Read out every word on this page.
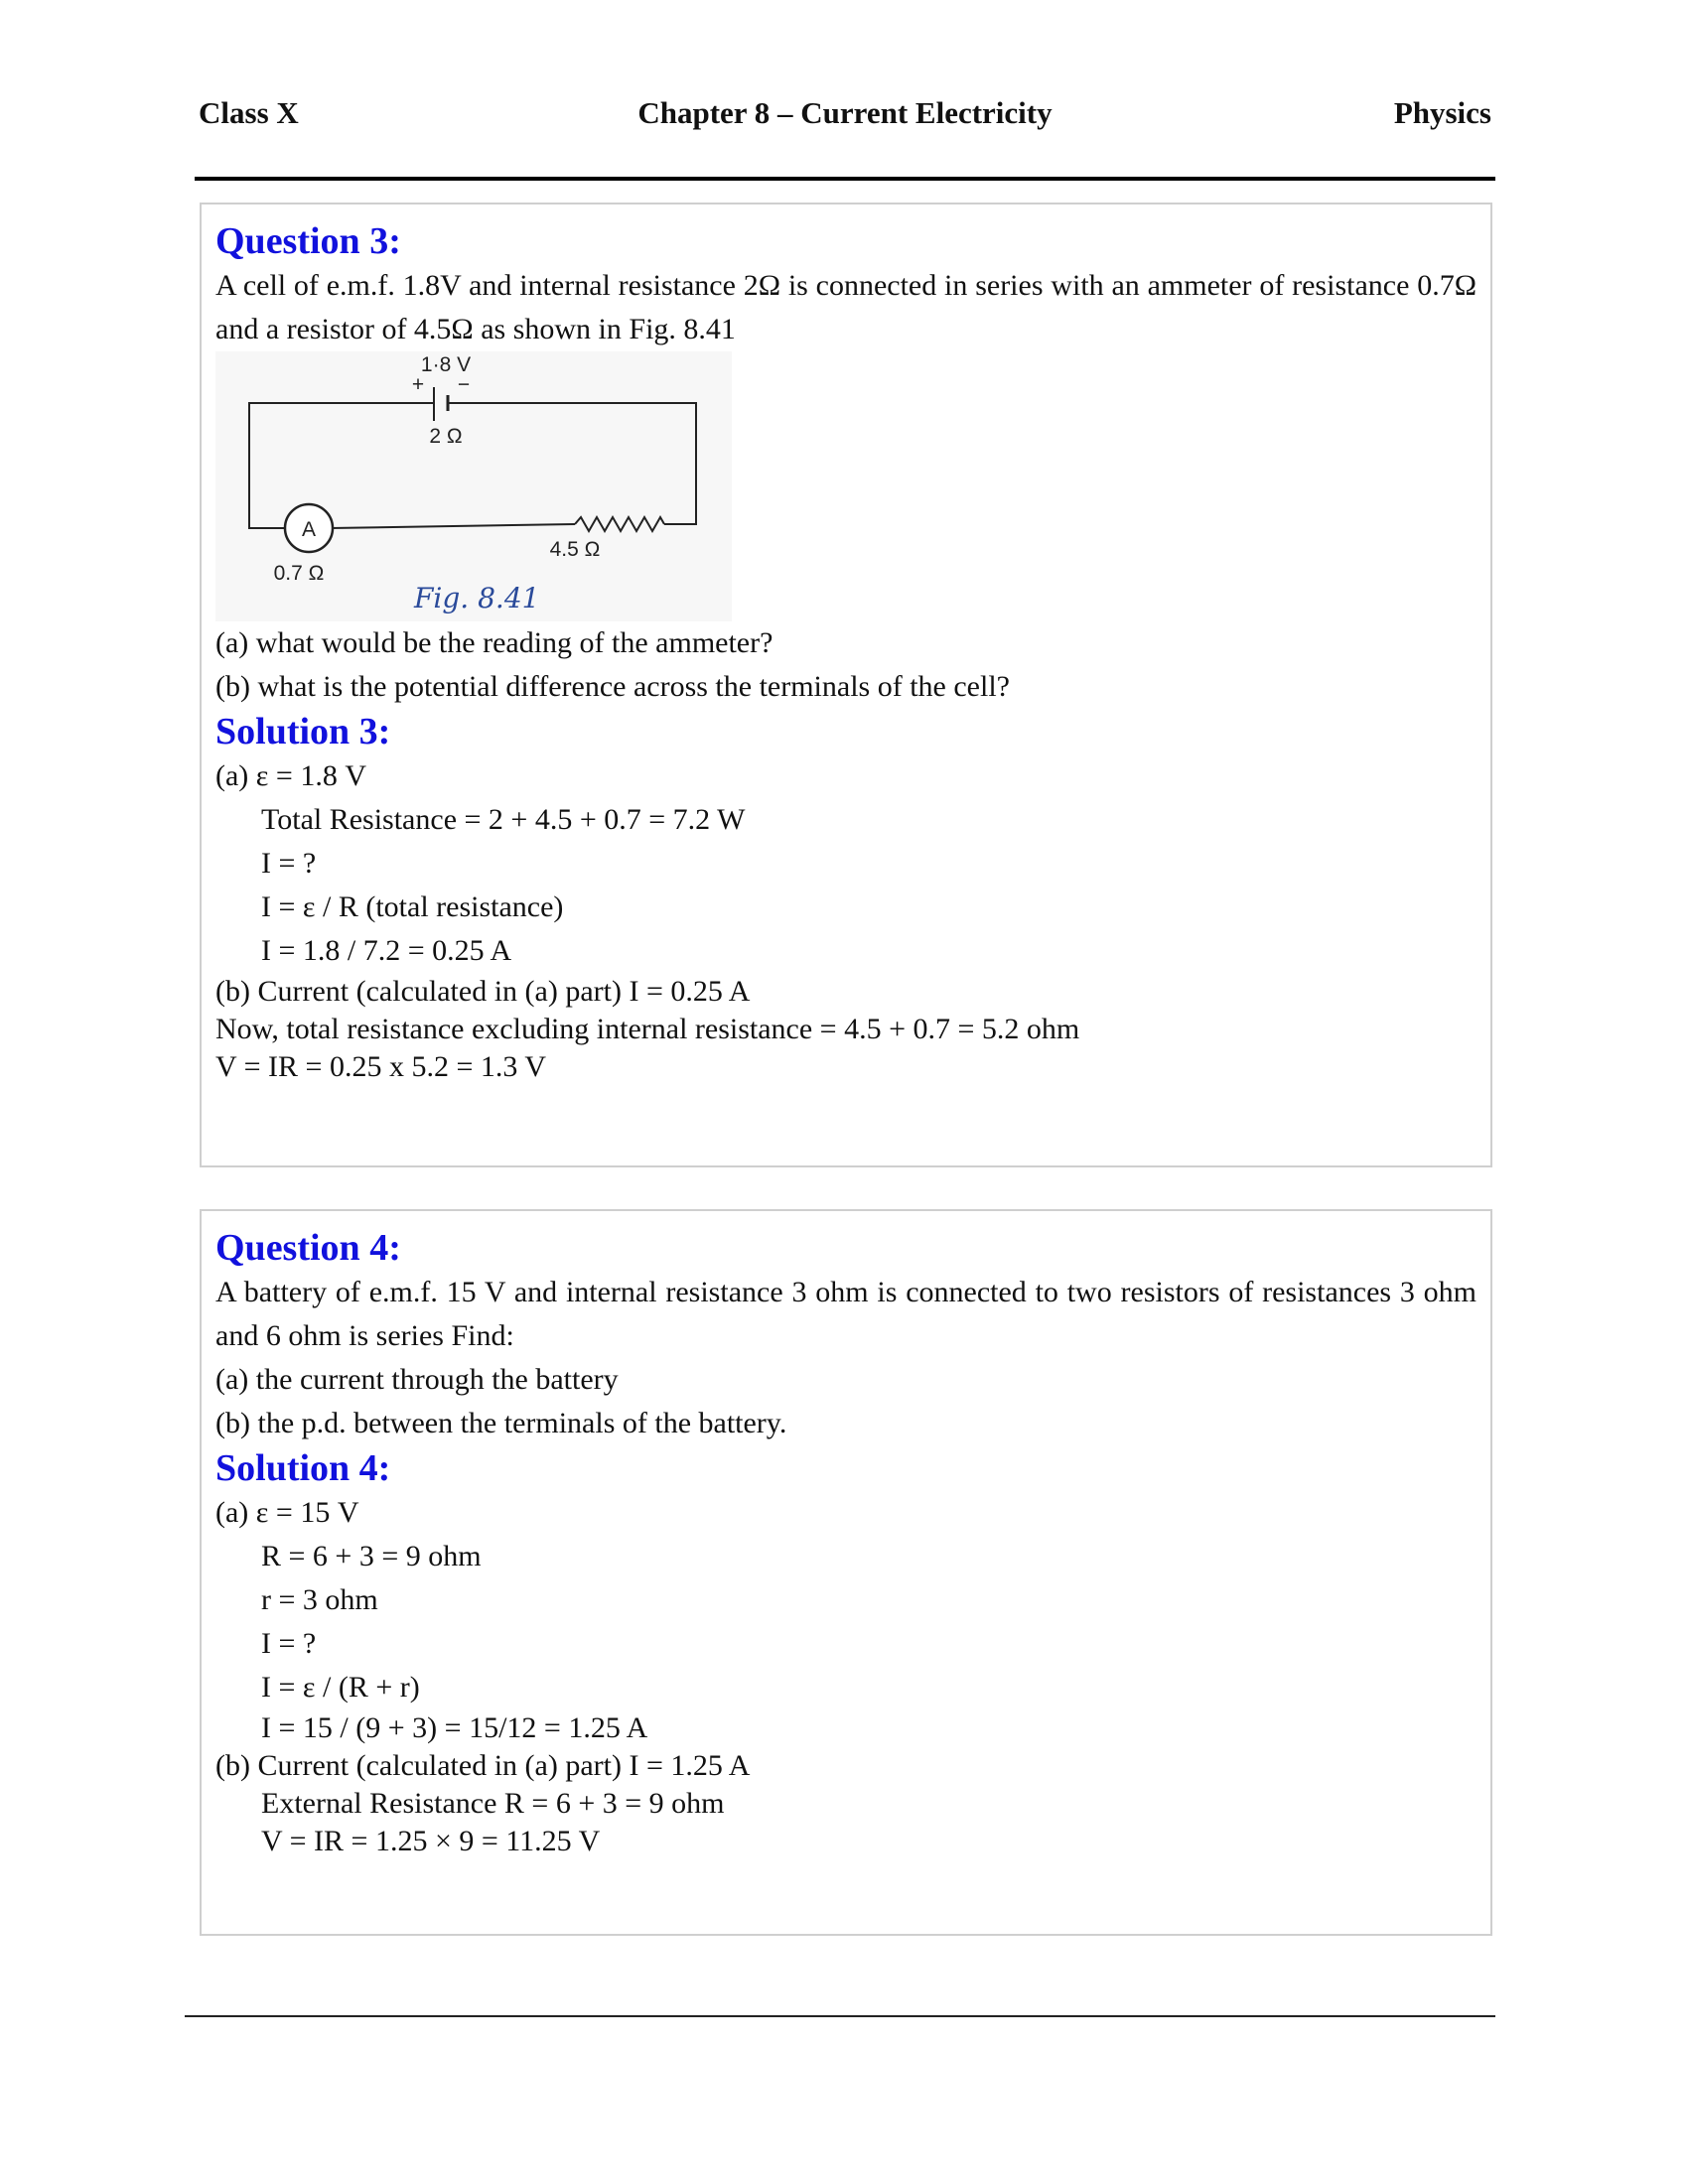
Class X	Chapter 8 – Current Electricity	Physics
Question 3:
A cell of e.m.f. 1.8V and internal resistance 2Ω is connected in series with an ammeter of resistance 0.7Ω and a resistor of 4.5Ω as shown in Fig. 8.41
1·8 V
+ −
2 Ω
A
4.5 Ω
0.7 Ω
Fig. 8.41
(a) what would be the reading of the ammeter?
(b) what is the potential difference across the terminals of the cell?
Solution 3:
(a) ε = 1.8 V
Total Resistance = 2 + 4.5 + 0.7 = 7.2 W
I = ?
I = ε / R (total resistance)
I = 1.8 / 7.2 = 0.25 A
(b) Current (calculated in (a) part) I = 0.25 A
Now, total resistance excluding internal resistance = 4.5 + 0.7 = 5.2 ohm
V = IR = 0.25 x 5.2 = 1.3 V
Question 4:
A battery of e.m.f. 15 V and internal resistance 3 ohm is connected to two resistors of resistances 3 ohm and 6 ohm is series Find:
(a) the current through the battery
(b) the p.d. between the terminals of the battery.
Solution 4:
(a) ε = 15 V
R = 6 + 3 = 9 ohm
r = 3 ohm
I = ?
I = ε / (R + r)
I = 15 / (9 + 3) = 15/12 = 1.25 A
(b) Current (calculated in (a) part) I = 1.25 A
External Resistance R = 6 + 3 = 9 ohm
V = IR = 1.25 × 9 = 11.25 V
